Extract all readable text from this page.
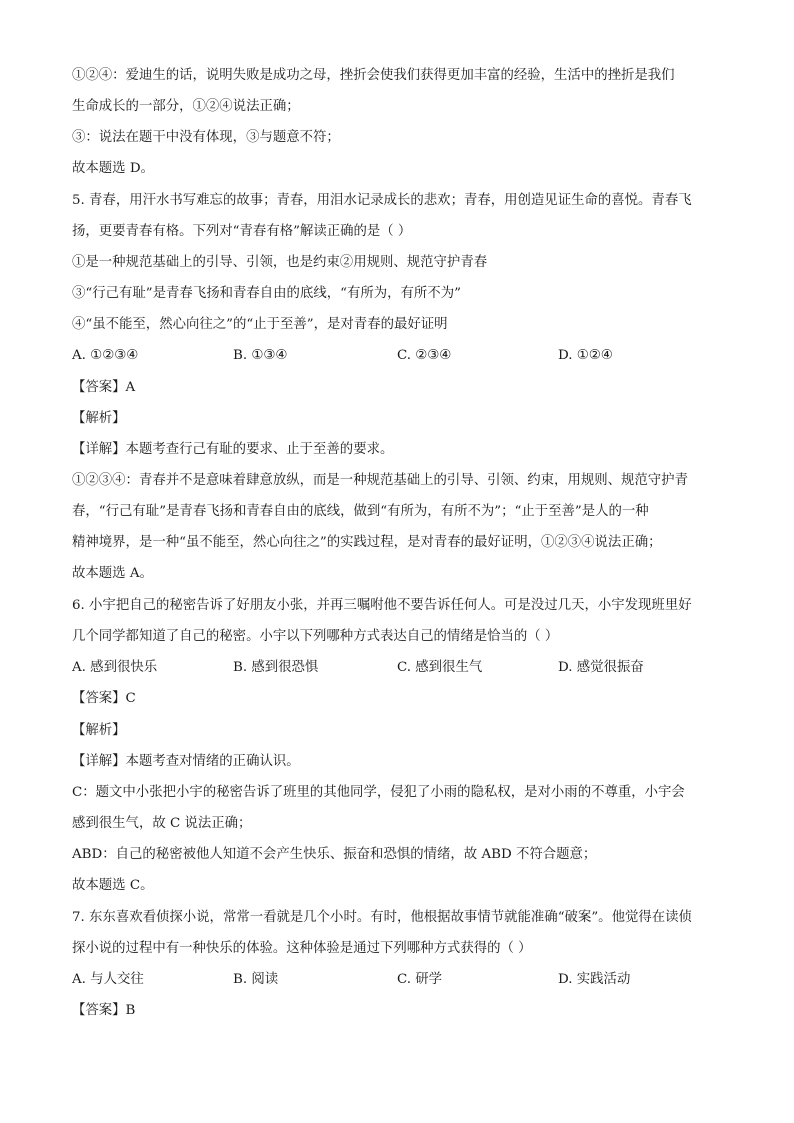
①②④：爱迪生的话，说明失败是成功之母，挫折会使我们获得更加丰富的经验，生活中的挫折是我们
生命成长的一部分，①②④说法正确；
③：说法在题干中没有体现，③与题意不符；
故本题选 D。
5. 青春，用汗水书写难忘的故事；青春，用泪水记录成长的悲欢；青春，用创造见证生命的喜悦。青春飞
扬，更要青春有格。下列对“青春有格”解读正确的是（ ）
①是一种规范基础上的引导、引领，也是约束②用规则、规范守护青春
③“行己有耻”是青春飞扬和青春自由的底线，“有所为，有所不为”
④“虽不能至，然心向往之”的“止于至善”，是对青春的最好证明
A. ①②③④	B. ①③④	C. ②③④	D. ①②④
【答案】A
【解析】
【详解】本题考查行己有耻的要求、止于至善的要求。
①②③④：青春并不是意味着肆意放纵，而是一种规范基础上的引导、引领、约束，用规则、规范守护青
春，“行己有耻”是青春飞扬和青春自由的底线，做到“有所为，有所不为”；“止于至善”是人的一种
精神境界，是一种“虽不能至，然心向往之”的实践过程，是对青春的最好证明，①②③④说法正确；
故本题选 A。
6. 小宇把自己的秘密告诉了好朋友小张，并再三嘱咐他不要告诉任何人。可是没过几天，小宇发现班里好
几个同学都知道了自己的秘密。小宇以下列哪种方式表达自己的情绪是恰当的（ ）
A. 感到很快乐	B. 感到很恐惧	C. 感到很生气	D. 感觉很振奋
【答案】C
【解析】
【详解】本题考查对情绪的正确认识。
C：题文中小张把小宇的秘密告诉了班里的其他同学，侵犯了小雨的隐私权，是对小雨的不尊重，小宇会
感到很生气，故 C 说法正确；
ABD：自己的秘密被他人知道不会产生快乐、振奋和恐惧的情绪，故 ABD 不符合题意；
故本题选 C。
7. 东东喜欢看侦探小说，常常一看就是几个小时。有时，他根据故事情节就能准确“破案”。他觉得在读侦
探小说的过程中有一种快乐的体验。这种体验是通过下列哪种方式获得的（ ）
A. 与人交往	B. 阅读	C. 研学	D. 实践活动
【答案】B
